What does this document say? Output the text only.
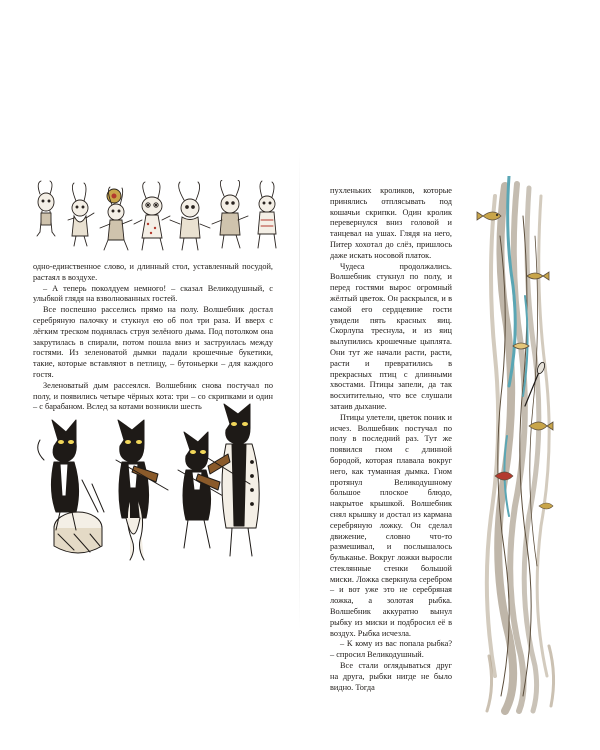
одно-единственное слово, и длинный стол, уставленный посудой, растаял в воздухе.

– А теперь поколдуем немного! – сказал Великодушный, с улыбкой глядя на взволнованных гостей.

Все поспешно расселись прямо на полу. Волшебник достал серебряную палочку и стукнул ею об пол три раза. И вверх с лёгким треском поднялась струя зелёного дыма. Под потолком она закрутилась в спирали, потом пошла вниз и заструилась между гостями. Из зеленоватой дымки падали крошечные букетики, такие, которые вставляют в петлицу, – бутоньерки – для каждого гостя.

Зеленоватый дым рассеялся. Волшебник снова постучал по полу, и появились четыре чёрных кота: три – со скрипками и один – с барабаном. Вслед за котами возникли шесть

пухленьких кроликов, которые принялись отплясывать под кошачьи скрипки. Один кролик перевернулся вниз головой и танцевал на ушах. Глядя на него, Питер хохотал до слёз, пришлось даже искать носовой платок.

Чудеса продолжались. Волшебник стукнул по полу, и перед гостями вырос огромный жёлтый цветок. Он раскрылся, и в самой его сердцевине гости увидели пять красных яиц. Скорлупа треснула, и из яиц вылупились крошечные цыплята. Они тут же начали расти, расти, расти и превратились в прекрасных птиц с длинными хвостами. Птицы запели, да так восхитительно, что все слушали затаив дыхание.

Птицы улетели, цветок поник и исчез. Волшебник постучал по полу в последний раз. Тут же появился гном с длинной бородой, которая плавала вокруг него, как туманная дымка. Гном протянул Великодушному большое плоское блюдо, накрытое крышкой. Волшебник снял крышку и достал из кармана серебряную ложку. Он сделал движение, словно что-то размешивал, и послышалось бульканье. Вокруг ложки выросли стеклянные стенки большой миски. Ложка сверкнула серебром – и вот уже это не серебряная ложка, а золотая рыбка. Волшебник аккуратно вынул рыбку из миски и подбросил её в воздух. Рыбка исчезла.

– К кому из вас попала рыбка? – спросил Великодушный.

Все стали оглядываться друг на друга, рыбки нигде не было видно. Тогда
